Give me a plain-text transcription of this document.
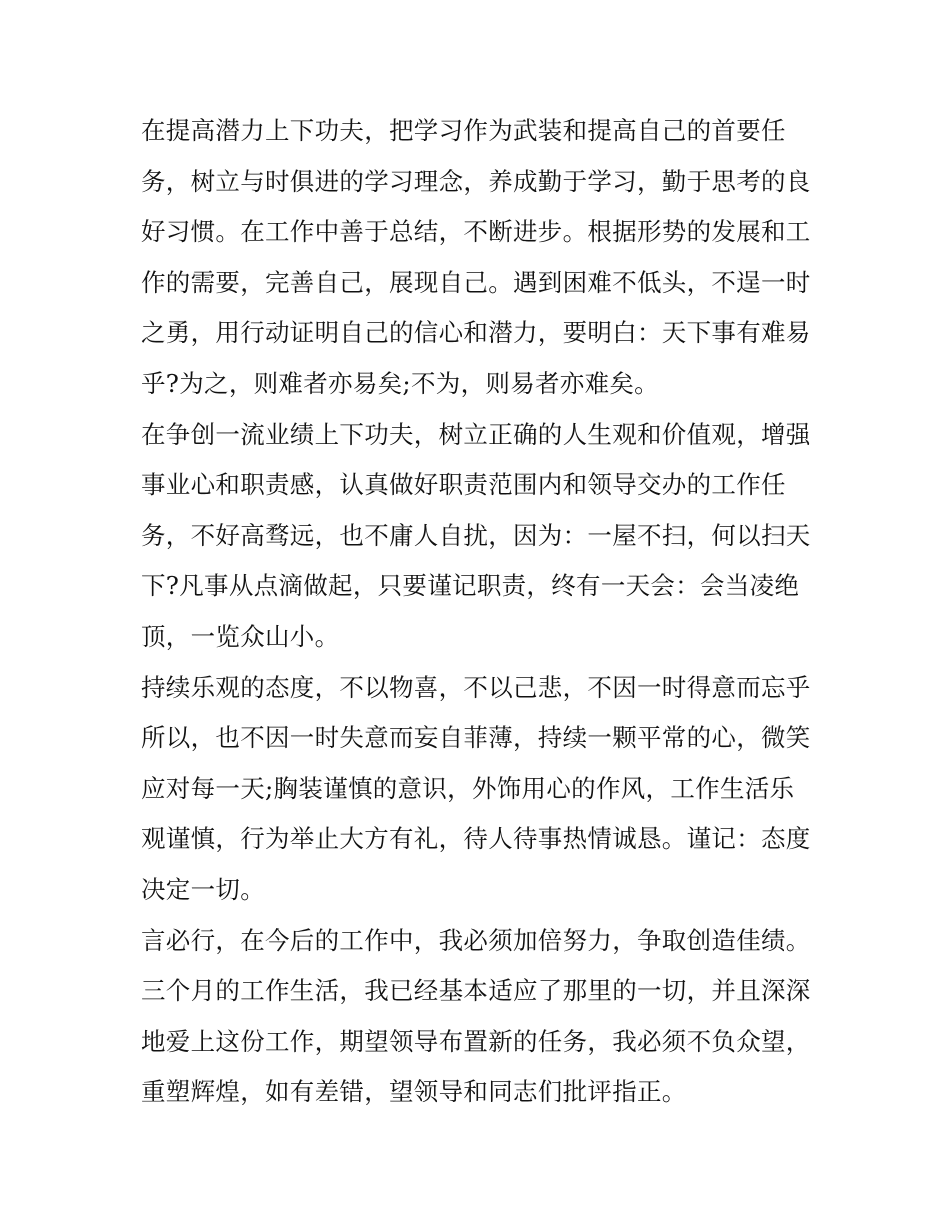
在提高潜力上下功夫，把学习作为武装和提高自己的首要任
务，树立与时俱进的学习理念，养成勤于学习，勤于思考的良
好习惯。在工作中善于总结，不断进步。根据形势的发展和工
作的需要，完善自己，展现自己。遇到困难不低头，不逞一时
之勇，用行动证明自己的信心和潜力，要明白：天下事有难易
乎?为之，则难者亦易矣;不为，则易者亦难矣。
在争创一流业绩上下功夫，树立正确的人生观和价值观，增强
事业心和职责感，认真做好职责范围内和领导交办的工作任
务，不好高骛远，也不庸人自扰，因为：一屋不扫，何以扫天
下?凡事从点滴做起，只要谨记职责，终有一天会：会当凌绝
顶，一览众山小。
持续乐观的态度，不以物喜，不以己悲，不因一时得意而忘乎
所以，也不因一时失意而妄自菲薄，持续一颗平常的心，微笑
应对每一天;胸装谨慎的意识，外饰用心的作风，工作生活乐
观谨慎，行为举止大方有礼，待人待事热情诚恳。谨记：态度
决定一切。
言必行，在今后的工作中，我必须加倍努力，争取创造佳绩。
三个月的工作生活，我已经基本适应了那里的一切，并且深深
地爱上这份工作，期望领导布置新的任务，我必须不负众望，
重塑辉煌，如有差错，望领导和同志们批评指正。
